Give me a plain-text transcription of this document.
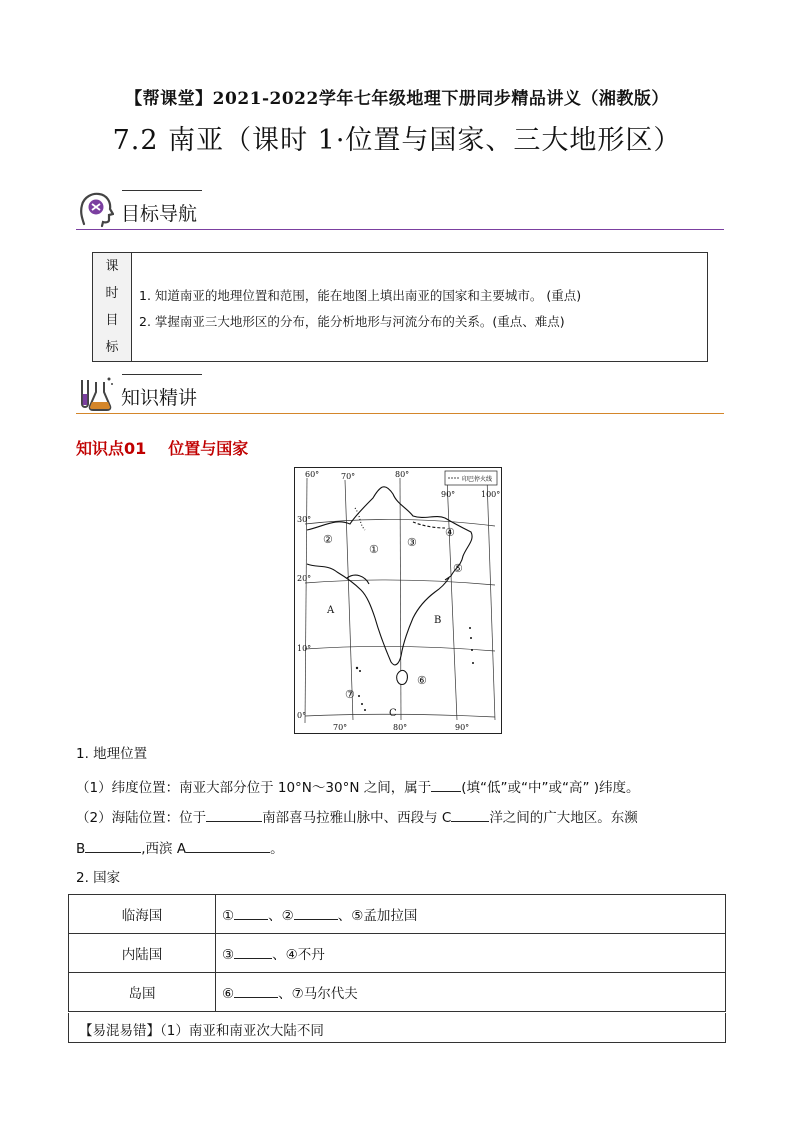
【帮课堂】2021-2022学年七年级地理下册同步精品讲义（湘教版）
7.2 南亚（课时 1·位置与国家、三大地形区）
目标导航
课
时
目
标
1. 知道南亚的地理位置和范围，能在地图上填出南亚的国家和主要城市。 (重点)
2. 掌握南亚三大地形区的分布，能分析地形与河流分布的关系。(重点、难点)
知识精讲
知识点01 位置与国家
印巴停火线
60°	70°	80°
90°	100°
30°
20°
10°
0°
70°	80°	90°
②
①
③
④
⑤
⑥
⑦
A
B
C
1. 地理位置
（1）纬度位置：南亚大部分位于 10°N～30°N 之间，属于 (填“低”或“中”或“高” )纬度。
（2）海陆位置：位于	南部喜马拉雅山脉中、西段与 C	洋之间的广大地区。东濒
B	,西滨 A	。
2. 国家
临海国	① 、② 、⑤孟加拉国
内陆国	③ 、④不丹
岛国	⑥ 、⑦马尔代夫
【易混易错】（1）南亚和南亚次大陆不同
